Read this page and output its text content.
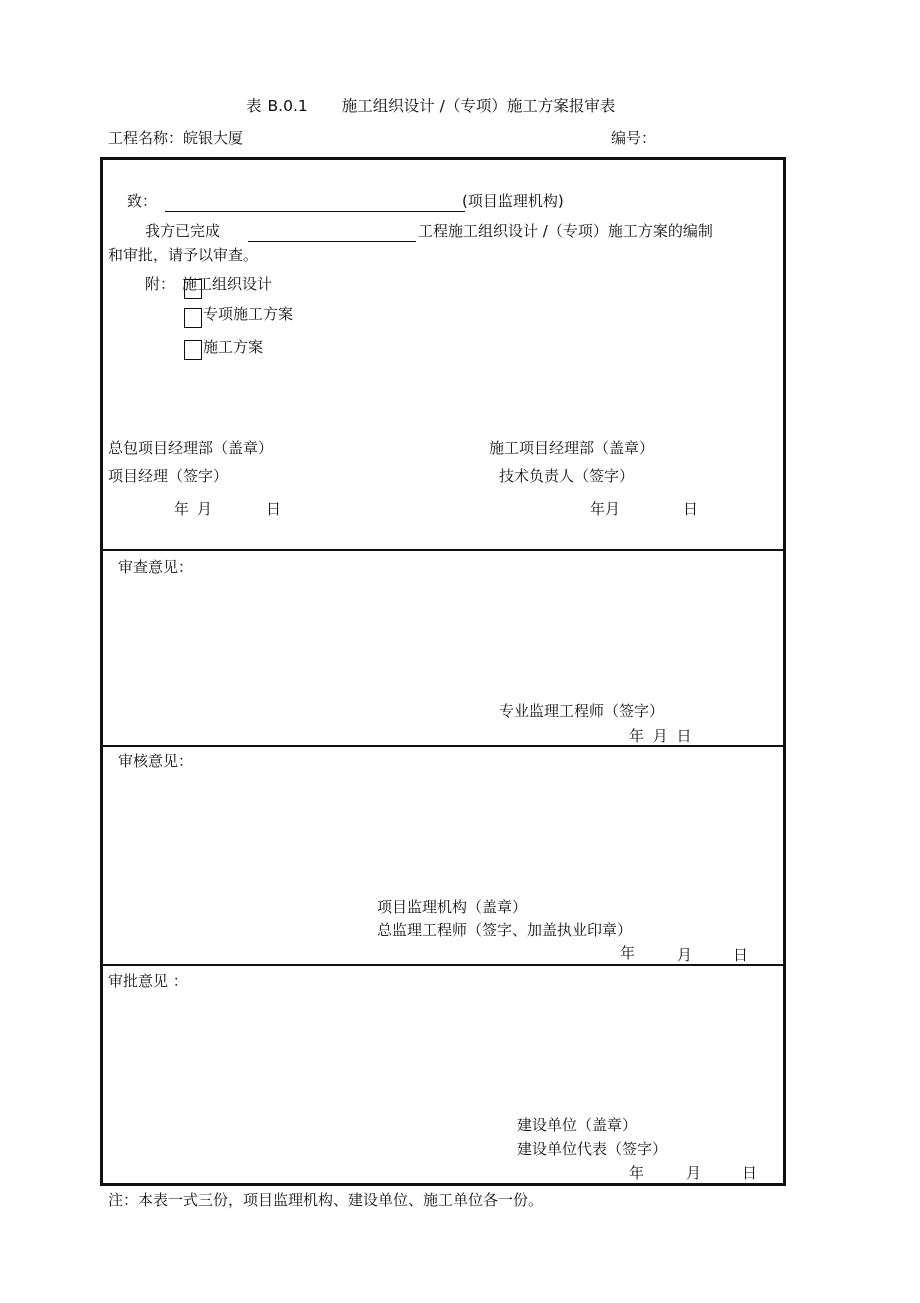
表 B.0.1 施工组织设计 /（专项）施工方案报审表
工程名称：皖银大厦	编号：
致：	(项目监理机构)
我方已完成	工程施工组织设计 /（专项）施工方案的编制
和审批，请予以审查。
附： 施工组织设计
专项施工方案
施工方案
总包项目经理部（盖章）
项目经理（签字）
年 月	日
施工项目经理部（盖章）
技术负责人（签字）
年月	日
审查意见：
专业监理工程师（签字）
年 月 日
审核意见：
项目监理机构（盖章）
总监理工程师（签字、加盖执业印章）
年	月	日
审批意见 ：
建设单位（盖章）
建设单位代表（签字）
年	月	日
注：本表一式三份，项目监理机构、建设单位、施工单位各一份。
